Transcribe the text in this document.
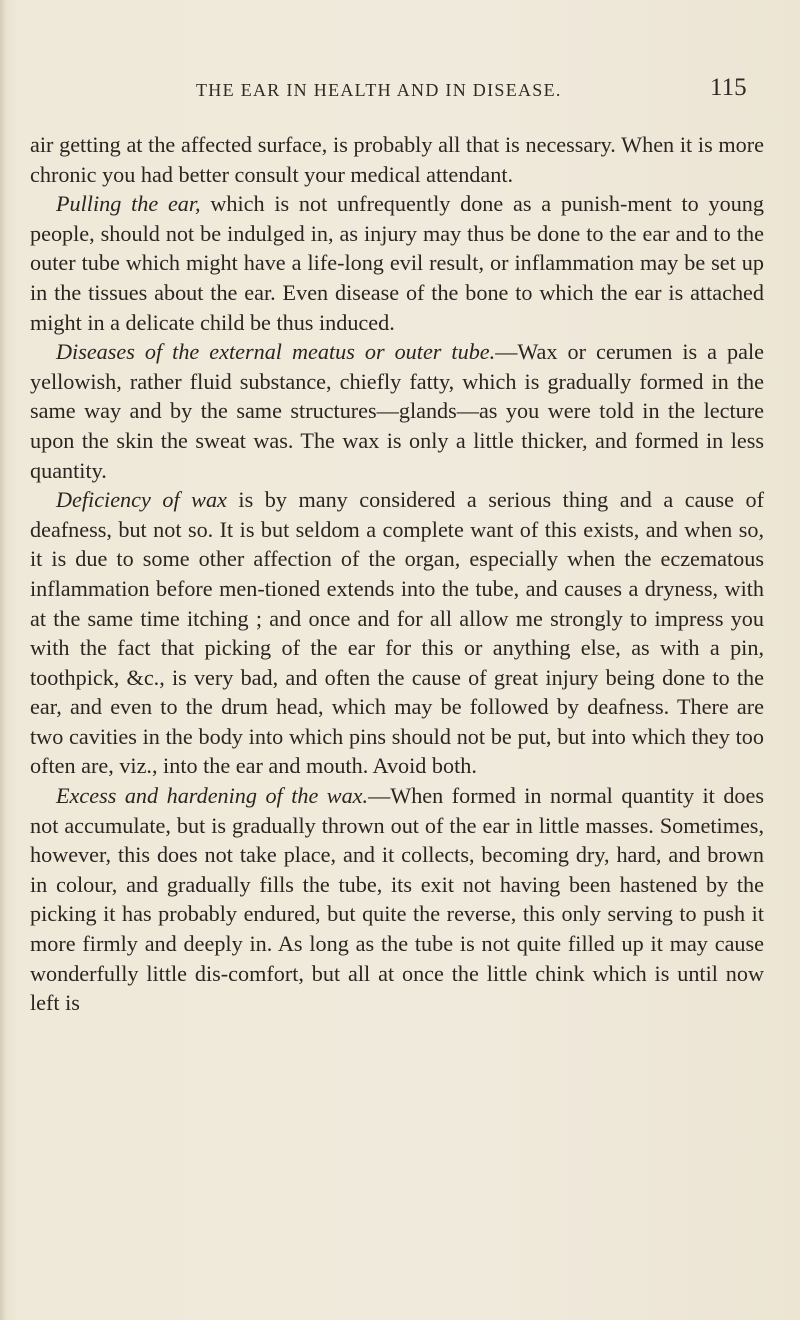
THE EAR IN HEALTH AND IN DISEASE.	115

air getting at the affected surface, is probably all that is necessary. When it is more chronic you had better consult your medical attendant.

Pulling the ear, which is not unfrequently done as a punish-ment to young people, should not be indulged in, as injury may thus be done to the ear and to the outer tube which might have a life-long evil result, or inflammation may be set up in the tissues about the ear. Even disease of the bone to which the ear is attached might in a delicate child be thus induced.

Diseases of the external meatus or outer tube.—Wax or cerumen is a pale yellowish, rather fluid substance, chiefly fatty, which is gradually formed in the same way and by the same structures—glands—as you were told in the lecture upon the skin the sweat was. The wax is only a little thicker, and formed in less quantity.

Deficiency of wax is by many considered a serious thing and a cause of deafness, but not so. It is but seldom a complete want of this exists, and when so, it is due to some other affection of the organ, especially when the eczematous inflammation before men-tioned extends into the tube, and causes a dryness, with at the same time itching ; and once and for all allow me strongly to impress you with the fact that picking of the ear for this or anything else, as with a pin, toothpick, &c., is very bad, and often the cause of great injury being done to the ear, and even to the drum head, which may be followed by deafness. There are two cavities in the body into which pins should not be put, but into which they too often are, viz., into the ear and mouth. Avoid both.

Excess and hardening of the wax.—When formed in normal quantity it does not accumulate, but is gradually thrown out of the ear in little masses. Sometimes, however, this does not take place, and it collects, becoming dry, hard, and brown in colour, and gradually fills the tube, its exit not having been hastened by the picking it has probably endured, but quite the reverse, this only serving to push it more firmly and deeply in. As long as the tube is not quite filled up it may cause wonderfully little dis-comfort, but all at once the little chink which is until now left is
